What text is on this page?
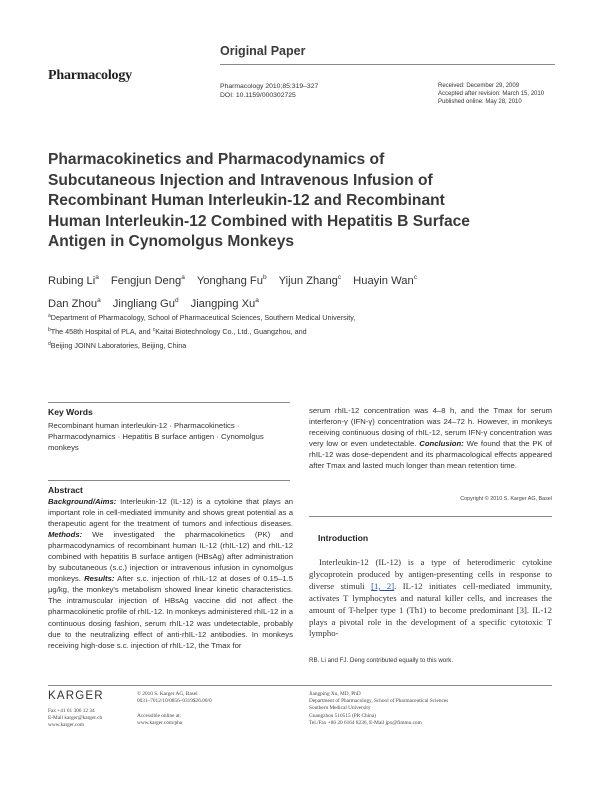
Original Paper
Pharmacology
Pharmacology 2010;85:319–327
DOI: 10.1159/000302725
Received: December 29, 2009
Accepted after revision: March 15, 2010
Published online: May 28, 2010
Pharmacokinetics and Pharmacodynamics of Subcutaneous Injection and Intravenous Infusion of Recombinant Human Interleukin-12 and Recombinant Human Interleukin-12 Combined with Hepatitis B Surface Antigen in Cynomolgus Monkeys
Rubing Li$^a$ Fengjun Deng$^a$ Yonghang Fu$^b$ Yijun Zhang$^c$ Huayin Wan$^c$
Dan Zhou$^a$ Jingliang Gu$^d$ Jiangping Xu$^a$
$^a$Department of Pharmacology, School of Pharmaceutical Sciences, Southern Medical University,
$^b$The 458th Hospital of PLA, and $^c$Kaitai Biotechnology Co., Ltd., Guangzhou, and
$^d$Beijing JOINN Laboratories, Beijing, China
Key Words
Recombinant human interleukin-12 · Pharmacokinetics · Pharmacodynamics · Hepatitis B surface antigen · Cynomolgus monkeys
Abstract
Background/Aims: Interleukin-12 (IL-12) is a cytokine that plays an important role in cell-mediated immunity and shows great potential as a therapeutic agent for the treatment of tumors and infectious diseases. Methods: We investigated the pharmacokinetics (PK) and pharmacodynamics of recombinant human IL-12 (rhIL-12) and rhIL-12 combined with hepatitis B surface antigen (HBsAg) after administration by subcutaneous (s.c.) injection or intravenous infusion in cynomolgus monkeys. Results: After s.c. injection of rhIL-12 at doses of 0.15–1.5 μg/kg, the monkey's metabolism showed linear kinetic characteristics. The intramuscular injection of HBsAg vaccine did not affect the pharmacokinetic profile of rhIL-12. In monkeys administered rhIL-12 in a continuous dosing fashion, serum rhIL-12 was undetectable, probably due to the neutralizing effect of anti-rhIL-12 antibodies. In monkeys receiving high-dose s.c. injection of rhIL-12, the Tmax for
serum rhIL-12 concentration was 4–8 h, and the Tmax for serum interferon-γ (IFN-γ) concentration was 24–72 h. However, in monkeys receiving continuous dosing of rhIL-12, serum IFN-γ concentration was very low or even undetectable. Conclusion: We found that the PK of rhIL-12 was dose-dependent and its pharmacological effects appeared after Tmax and lasted much longer than mean retention time.
Copyright © 2010 S. Karger AG, Basel
Introduction
Interleukin-12 (IL-12) is a type of heterodimeric cytokine glycoprotein produced by antigen-presenting cells in response to diverse stimuli [1, 2]. IL-12 initiates cell-mediated immunity, activates T lymphocytes and natural killer cells, and increases the amount of T-helper type 1 (Th1) to become predominant [3]. IL-12 plays a pivotal role in the development of a specific cytotoxic T lympho-
RB. Li and FJ. Deng contributed equally to this work.
KARGER
Fax +41 61 306 12 34
E-Mail karger@karger.ch
www.karger.com
© 2010 S. Karger AG, Basel
0031–7012/10/0856–0319$26.00/0

Accessible online at:
www.karger.com/pha
Jiangping Xu, MD, PhD
Department of Pharmacology, School of Pharmaceutical Sciences
Southern Medical University
Guangzhou 510515 (PR China)
Tel./Fax +86 20 6164 8236, E-Mail jpx@fimmu.com
